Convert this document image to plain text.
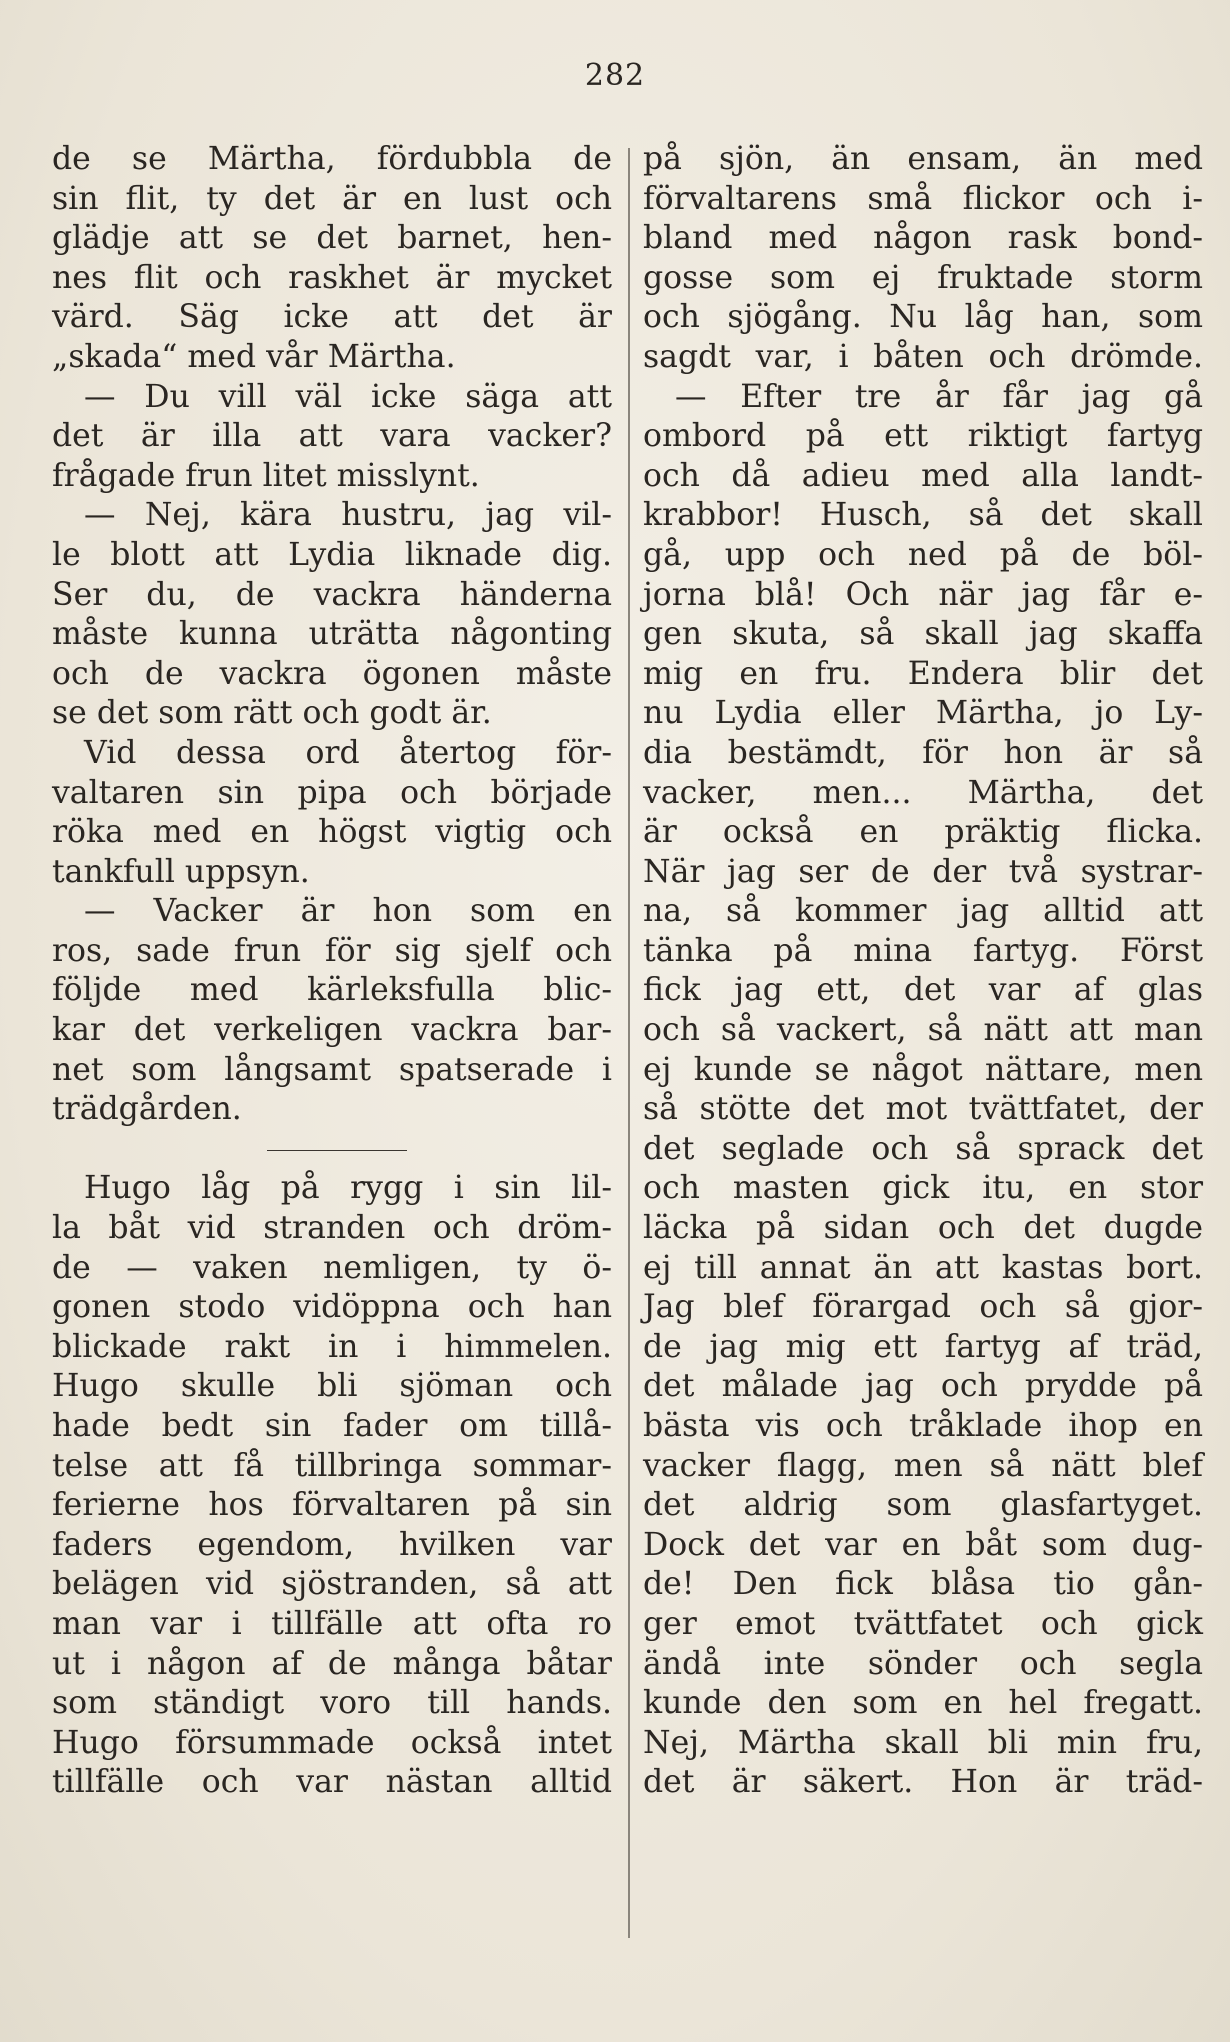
282
de se Märtha, fördubbla de
sin flit, ty det är en lust och
glädje att se det barnet, hen-
nes flit och raskhet är mycket
värd. Säg icke att det är
„skada“ med vår Märtha.
— Du vill väl icke säga att
det är illa att vara vacker?
frågade frun litet misslynt.
— Nej, kära hustru, jag vil-
le blott att Lydia liknade dig.
Ser du, de vackra händerna
måste kunna uträtta någonting
och de vackra ögonen måste
se det som rätt och godt är.
Vid dessa ord återtog för-
valtaren sin pipa och började
röka med en högst vigtig och
tankfull uppsyn.
— Vacker är hon som en
ros, sade frun för sig sjelf och
följde med kärleksfulla blic-
kar det verkeligen vackra bar-
net som långsamt spatserade i
trädgården.
Hugo låg på rygg i sin lil-
la båt vid stranden och dröm-
de — vaken nemligen, ty ö-
gonen stodo vidöppna och han
blickade rakt in i himmelen.
Hugo skulle bli sjöman och
hade bedt sin fader om tillå-
telse att få tillbringa sommar-
ferierne hos förvaltaren på sin
faders egendom, hvilken var
belägen vid sjöstranden, så att
man var i tillfälle att ofta ro
ut i någon af de många båtar
som ständigt voro till hands.
Hugo försummade också intet
tillfälle och var nästan alltid
på sjön, än ensam, än med
förvaltarens små flickor och i-
bland med någon rask bond-
gosse som ej fruktade storm
och sjögång. Nu låg han, som
sagdt var, i båten och drömde.
— Efter tre år får jag gå
ombord på ett riktigt fartyg
och då adieu med alla landt-
krabbor! Husch, så det skall
gå, upp och ned på de böl-
jorna blå! Och när jag får e-
gen skuta, så skall jag skaffa
mig en fru. Endera blir det
nu Lydia eller Märtha, jo Ly-
dia bestämdt, för hon är så
vacker, men... Märtha, det
är också en präktig flicka.
När jag ser de der två systrar-
na, så kommer jag alltid att
tänka på mina fartyg. Först
fick jag ett, det var af glas
och så vackert, så nätt att man
ej kunde se något nättare, men
så stötte det mot tvättfatet, der
det seglade och så sprack det
och masten gick itu, en stor
läcka på sidan och det dugde
ej till annat än att kastas bort.
Jag blef förargad och så gjor-
de jag mig ett fartyg af träd,
det målade jag och prydde på
bästa vis och tråklade ihop en
vacker flagg, men så nätt blef
det aldrig som glasfartyget.
Dock det var en båt som dug-
de! Den fick blåsa tio gån-
ger emot tvättfatet och gick
ändå inte sönder och segla
kunde den som en hel fregatt.
Nej, Märtha skall bli min fru,
det är säkert. Hon är träd-
